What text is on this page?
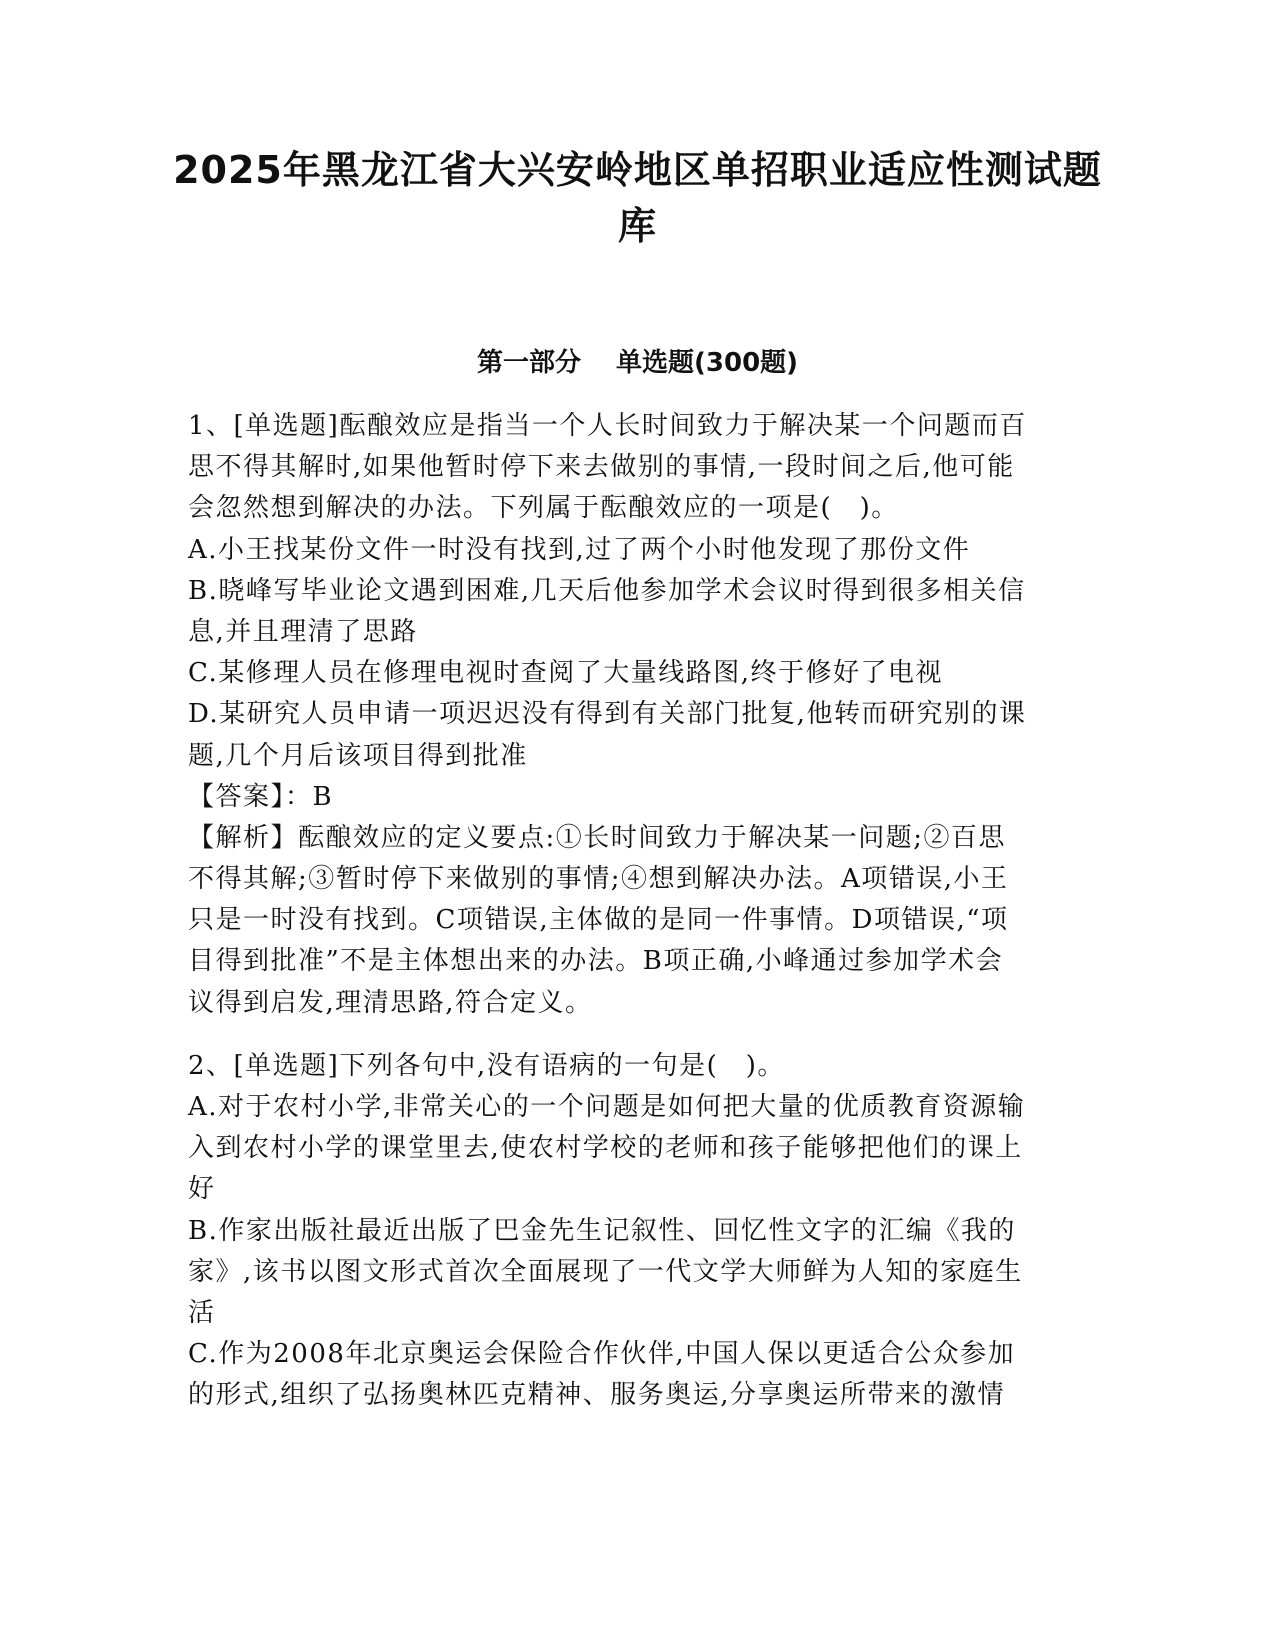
2025年黑龙江省大兴安岭地区单招职业适应性测试题
库
第一部分　 单选题(300题)
1、[单选题]酝酿效应是指当一个人长时间致力于解决某一个问题而百
思不得其解时,如果他暂时停下来去做别的事情,一段时间之后,他可能
会忽然想到解决的办法。下列属于酝酿效应的一项是(　)。
A.小王找某份文件一时没有找到,过了两个小时他发现了那份文件
B.晓峰写毕业论文遇到困难,几天后他参加学术会议时得到很多相关信
息,并且理清了思路
C.某修理人员在修理电视时查阅了大量线路图,终于修好了电视
D.某研究人员申请一项迟迟没有得到有关部门批复,他转而研究别的课
题,几个月后该项目得到批准
【答案】：B
【解析】酝酿效应的定义要点:①长时间致力于解决某一问题;②百思
不得其解;③暂时停下来做别的事情;④想到解决办法。A项错误,小王
只是一时没有找到。C项错误,主体做的是同一件事情。D项错误,“项
目得到批准”不是主体想出来的办法。B项正确,小峰通过参加学术会
议得到启发,理清思路,符合定义。
2、[单选题]下列各句中,没有语病的一句是(　)。
A.对于农村小学,非常关心的一个问题是如何把大量的优质教育资源输
入到农村小学的课堂里去,使农村学校的老师和孩子能够把他们的课上
好
B.作家出版社最近出版了巴金先生记叙性、回忆性文字的汇编《我的
家》,该书以图文形式首次全面展现了一代文学大师鲜为人知的家庭生
活
C.作为2008年北京奥运会保险合作伙伴,中国人保以更适合公众参加
的形式,组织了弘扬奥林匹克精神、服务奥运,分享奥运所带来的激情
